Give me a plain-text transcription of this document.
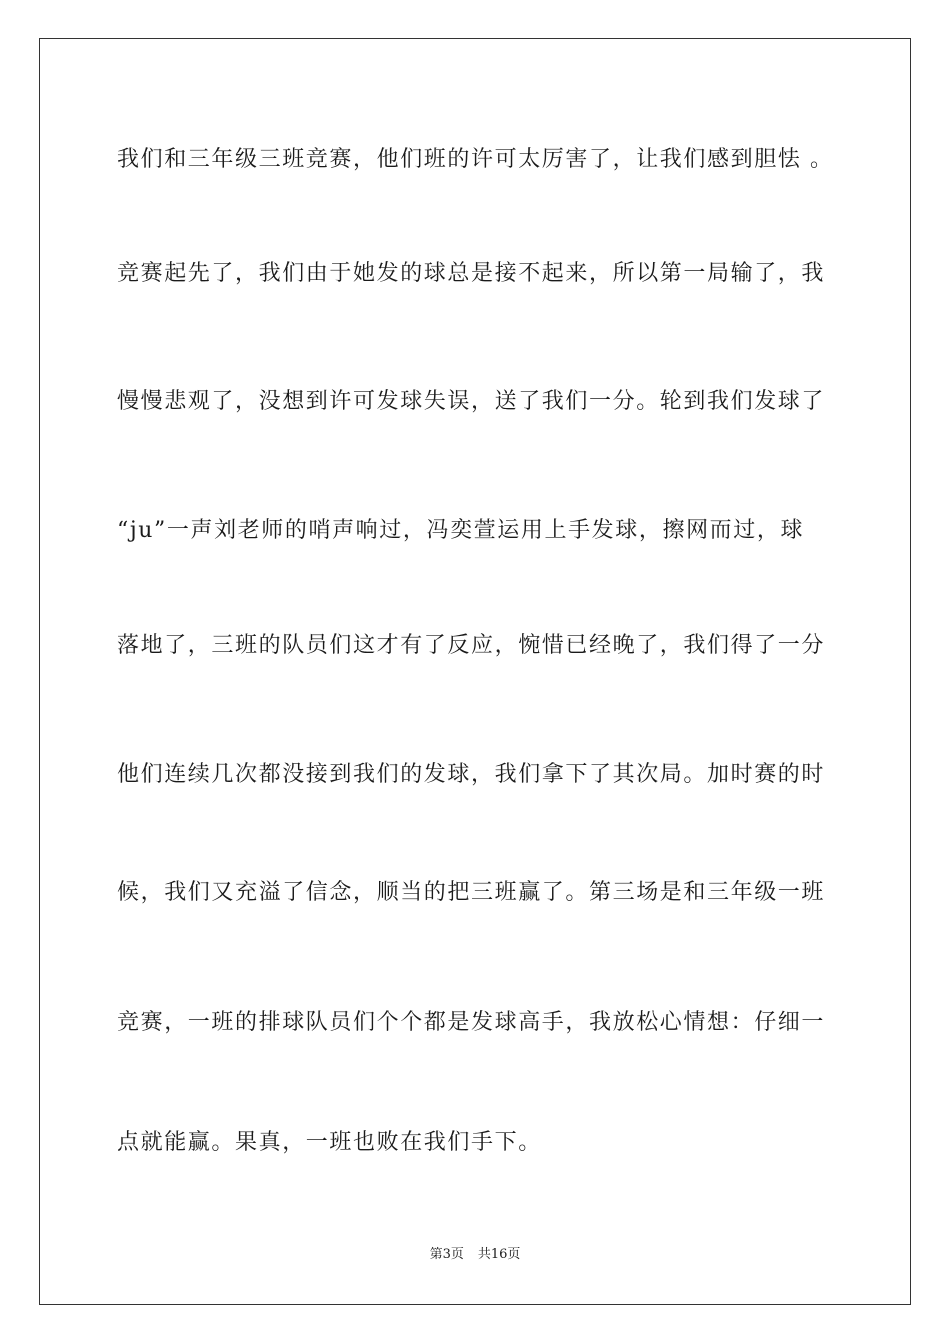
我们和三年级三班竞赛，他们班的许可太厉害了，让我们感到胆怯 。
竞赛起先了，我们由于她发的球总是接不起来，所以第一局输了，我
慢慢悲观了，没想到许可发球失误，送了我们一分。轮到我们发球了
“ju”一声刘老师的哨声响过，冯奕萱运用上手发球，擦网而过，球
落地了，三班的队员们这才有了反应，惋惜已经晚了，我们得了一分
他们连续几次都没接到我们的发球，我们拿下了其次局。加时赛的时
候，我们又充溢了信念，顺当的把三班赢了。第三场是和三年级一班
竞赛，一班的排球队员们个个都是发球高手，我放松心情想：仔细一
点就能赢。果真，一班也败在我们手下。
第3页 共16页
